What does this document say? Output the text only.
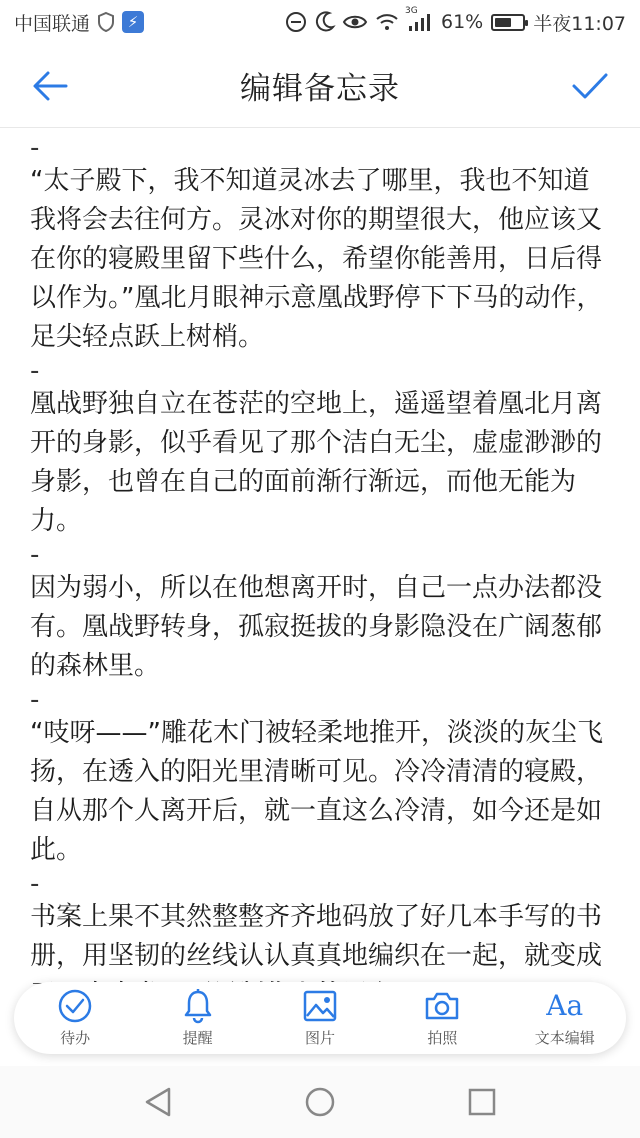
中国联通	⚡
3G 61%	半夜11:07
编辑备忘录
-

“太子殿下，我不知道灵冰去了哪里，我也不知道我将会去往何方。灵冰对你的期望很大，他应该又在你的寝殿里留下些什么，希望你能善用，日后得以作为。”凰北月眼神示意凰战野停下下马的动作，足尖轻点跃上树梢。

-

凰战野独自立在苍茫的空地上，遥遥望着凰北月离开的身影，似乎看见了那个洁白无尘，虚虚渺渺的身影，也曾在自己的面前渐行渐远，而他无能为力。

-

因为弱小，所以在他想离开时，自己一点办法都没有。凰战野转身，孤寂挺拔的身影隐没在广阔葱郁的森林里。

-

“吱呀——”雕花木门被轻柔地推开，淡淡的灰尘飞扬，在透入的阳光里清晰可见。冷冷清清的寝殿，自从那个人离开后，就一直这么冷清，如今还是如此。

-

书案上果不其然整整齐齐地码放了好几本手写的书册，用坚韧的丝线认认真真地编织在一起，就变成

待办	提醒	图片	拍照
Aa
文本编辑
